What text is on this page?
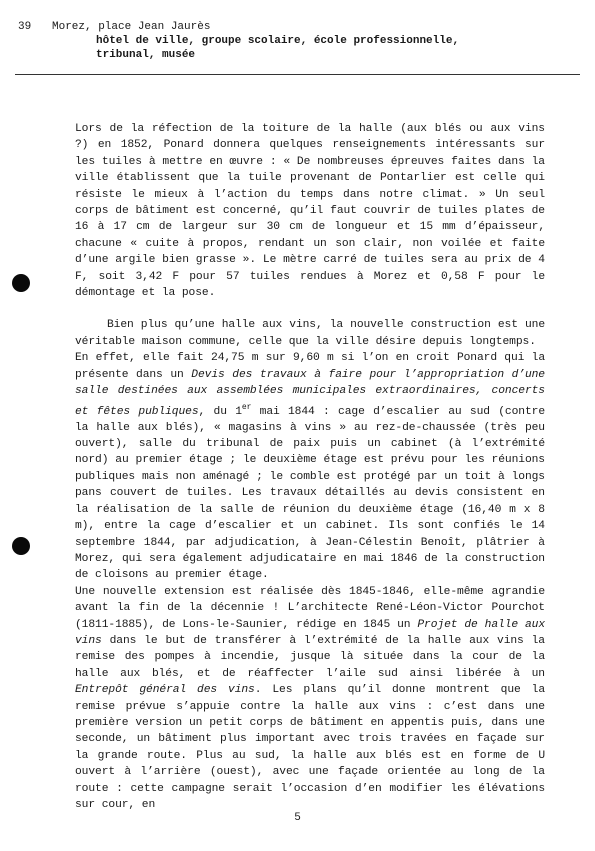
39 Morez, place Jean Jaurès
hôtel de ville, groupe scolaire, école professionnelle,
tribunal, musée

Lors de la réfection de la toiture de la halle (aux blés ou aux vins ?) en 1852, Ponard donnera quelques renseignements intéressants sur les tuiles à mettre en œuvre : « De nombreuses épreuves faites dans la ville établissent que la tuile provenant de Pontarlier est celle qui résiste le mieux à l’action du temps dans notre climat. » Un seul corps de bâtiment est concerné, qu’il faut couvrir de tuiles plates de 16 à 17 cm de largeur sur 30 cm de longueur et 15 mm d’épaisseur, chacune « cuite à propos, rendant un son clair, non voilée et faite d’une argile bien grasse ». Le mètre carré de tuiles sera au prix de 4 F, soit 3,42 F pour 57 tuiles rendues à Morez et 0,58 F pour le démontage et la pose.

Bien plus qu’une halle aux vins, la nouvelle construction est une véritable maison commune, celle que la ville désire depuis longtemps.

En effet, elle fait 24,75 m sur 9,60 m si l’on en croit Ponard qui la présente dans un Devis des travaux à faire pour l’appropriation d’une salle destinées aux assemblées municipales extraordinaires, concerts et fêtes publiques, du 1er mai 1844 : cage d’escalier au sud (contre la halle aux blés), « magasins à vins » au rez-de-chaussée (très peu ouvert), salle du tribunal de paix puis un cabinet (à l’extrémité nord) au premier étage ; le deuxième étage est prévu pour les réunions publiques mais non aménagé ; le comble est protégé par un toit à longs pans couvert de tuiles. Les travaux détaillés au devis consistent en la réalisation de la salle de réunion du deuxième étage (16,40 m x 8 m), entre la cage d’escalier et un cabinet. Ils sont confiés le 14 septembre 1844, par adjudication, à Jean-Célestin Benoît, plâtrier à Morez, qui sera également adjudicataire en mai 1846 de la construction de cloisons au premier étage.

Une nouvelle extension est réalisée dès 1845-1846, elle-même agrandie avant la fin de la décennie ! L’architecte René-Léon-Victor Pourchot (1811-1885), de Lons-le-Saunier, rédige en 1845 un Projet de halle aux vins dans le but de transférer à l’extrémité de la halle aux vins la remise des pompes à incendie, jusque là située dans la cour de la halle aux blés, et de réaffecter l’aile sud ainsi libérée à un Entrepôt général des vins. Les plans qu’il donne montrent que la remise prévue s’appuie contre la halle aux vins : c’est dans une première version un petit corps de bâtiment en appentis puis, dans une seconde, un bâtiment plus important avec trois travées en façade sur la grande route. Plus au sud, la halle aux blés est en forme de U ouvert à l’arrière (ouest), avec une façade orientée au long de la route : cette campagne serait l’occasion d’en modifier les élévations sur cour, en

5
